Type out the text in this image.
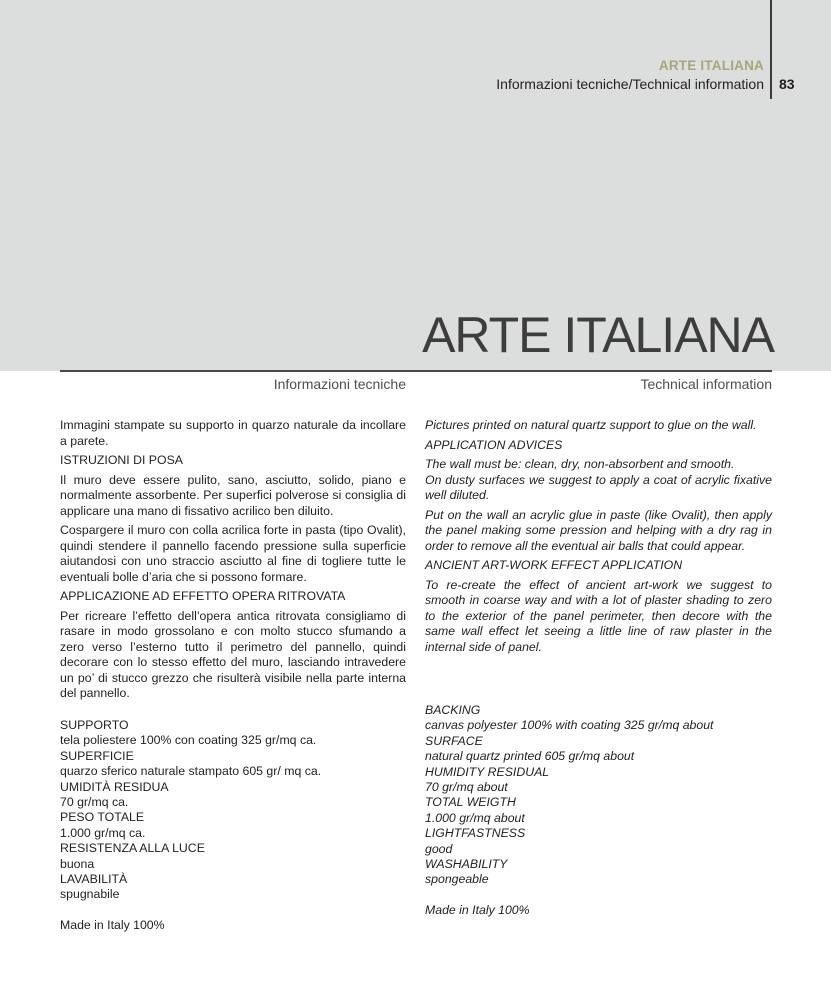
ARTE ITALIANA
Informazioni tecniche/Technical information 83
ARTE ITALIANA
Informazioni tecniche	Technical information

Immagini stampate su supporto in quarzo naturale da incollare a parete.

ISTRUZIONI DI POSA

Il muro deve essere pulito, sano, asciutto, solido, piano e normalmente assorbente. Per superfici polverose si consiglia di applicare una mano di fissativo acrilico ben diluito.

Cospargere il muro con colla acrilica forte in pasta (tipo Ovalit), quindi stendere il pannello facendo pressione sulla superficie aiutandosi con uno straccio asciutto al fine di togliere tutte le eventuali bolle d’aria che si possono formare.

APPLICAZIONE AD EFFETTO OPERA RITROVATA

Per ricreare l’effetto dell’opera antica ritrovata consigliamo di rasare in modo grossolano e con molto stucco sfumando a zero verso l’esterno tutto il perimetro del pannello, quindi decorare con lo stesso effetto del muro, lasciando intravedere un po’ di stucco grezzo che risulterà visibile nella parte interna del pannello.

Pictures printed on natural quartz support to glue on the wall.

APPLICATION ADVICES

The wall must be: clean, dry, non-absorbent and smooth.

On dusty surfaces we suggest to apply a coat of acrylic fixative well diluted.

Put on the wall an acrylic glue in paste (like Ovalit), then apply the panel making some pression and helping with a dry rag in order to remove all the eventual air balls that could appear.

ANCIENT ART-WORK EFFECT APPLICATION

To re-create the effect of ancient art-work we suggest to smooth in coarse way and with a lot of plaster shading to zero to the exterior of the panel perimeter, then decore with the same wall effect let seeing a little line of raw plaster in the internal side of panel.

SUPPORTO
tela poliestere 100% con coating 325 gr/mq ca.
SUPERFICIE
quarzo sferico naturale stampato 605 gr/ mq ca.
UMIDITÀ RESIDUA
70 gr/mq ca.
PESO TOTALE
1.000 gr/mq ca.
RESISTENZA ALLA LUCE
buona
LAVABILITÀ
spugnabile
Made in Italy 100%
BACKING
canvas polyester 100% with coating 325 gr/mq about
SURFACE
natural quartz printed 605 gr/mq about
HUMIDITY RESIDUAL
70 gr/mq about
TOTAL WEIGTH
1.000 gr/mq about
LIGHTFASTNESS
good
WASHABILITY
spongeable
Made in Italy 100%
